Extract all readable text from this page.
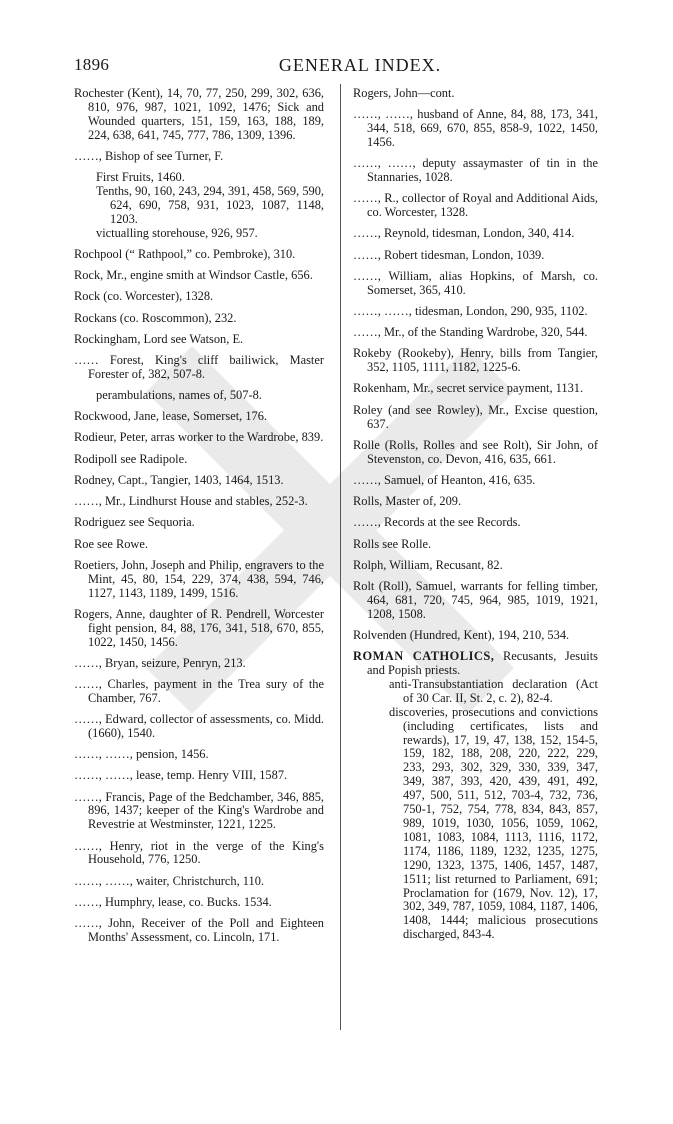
1896	GENERAL INDEX.
Rochester (Kent), 14, 70, 77, 250, 299, 302, 636, 810, 976, 987, 1021, 1092, 1476; Sick and Wounded quarters, 151, 159, 163, 188, 189, 224, 638, 641, 745, 777, 786, 1309, 1396.
……, Bishop of see Turner, F.
First Fruits, 1460.
Tenths, 90, 160, 243, 294, 391, 458, 569, 590, 624, 690, 758, 931, 1023, 1087, 1148, 1203.
victualling storehouse, 926, 957.
Rochpool (“ Rathpool,” co. Pembroke), 310.
Rock, Mr., engine smith at Windsor Castle, 656.
Rock (co. Worcester), 1328.
Rockans (co. Roscommon), 232.
Rockingham, Lord see Watson, E.
…… Forest, King's cliff bailiwick, Master Forester of, 382, 507-8.
perambulations, names of, 507-8.
Rockwood, Jane, lease, Somerset, 176.
Rodieur, Peter, arras worker to the Wardrobe, 839.
Rodipoll see Radipole.
Rodney, Capt., Tangier, 1403, 1464, 1513.
……, Mr., Lindhurst House and stables, 252-3.
Rodriguez see Sequoria.
Roe see Rowe.
Roetiers, John, Joseph and Philip, engravers to the Mint, 45, 80, 154, 229, 374, 438, 594, 746, 1127, 1143, 1189, 1499, 1516.
Rogers, Anne, daughter of R. Pendrell, Worcester fight pension, 84, 88, 176, 341, 518, 670, 855, 1022, 1450, 1456.
……, Bryan, seizure, Penryn, 213.
……, Charles, payment in the Trea sury of the Chamber, 767.
……, Edward, collector of assessments, co. Midd. (1660), 1540.
……, ……, pension, 1456.
……, ……, lease, temp. Henry VIII, 1587.
……, Francis, Page of the Bedchamber, 346, 885, 896, 1437; keeper of the King's Wardrobe and Revestrie at Westminster, 1221, 1225.
……, Henry, riot in the verge of the King's Household, 776, 1250.
……, ……, waiter, Christchurch, 110.
……, Humphry, lease, co. Bucks. 1534.
……, John, Receiver of the Poll and Eighteen Months' Assessment, co. Lincoln, 171.
Rogers, John—cont.
……, ……, husband of Anne, 84, 88, 173, 341, 344, 518, 669, 670, 855, 858-9, 1022, 1450, 1456.
……, ……, deputy assaymaster of tin in the Stannaries, 1028.
……, R., collector of Royal and Additional Aids, co. Worcester, 1328.
……, Reynold, tidesman, London, 340, 414.
……, Robert tidesman, London, 1039.
……, William, alias Hopkins, of Marsh, co. Somerset, 365, 410.
……, ……, tidesman, London, 290, 935, 1102.
……, Mr., of the Standing Wardrobe, 320, 544.
Rokeby (Rookeby), Henry, bills from Tangier, 352, 1105, 1111, 1182, 1225-6.
Rokenham, Mr., secret service payment, 1131.
Roley (and see Rowley), Mr., Excise question, 637.
Rolle (Rolls, Rolles and see Rolt), Sir John, of Stevenston, co. Devon, 416, 635, 661.
……, Samuel, of Heanton, 416, 635.
Rolls, Master of, 209.
……, Records at the see Records.
Rolls see Rolle.
Rolph, William, Recusant, 82.
Rolt (Roll), Samuel, warrants for felling timber, 464, 681, 720, 745, 964, 985, 1019, 1921, 1208, 1508.
Rolvenden (Hundred, Kent), 194, 210, 534.
ROMAN CATHOLICS, Recusants, Jesuits and Popish priests.
anti-Transubstantiation declaration (Act of 30 Car. II, St. 2, c. 2), 82-4.
discoveries, prosecutions and convictions (including certificates, lists and rewards), 17, 19, 47, 138, 152, 154-5, 159, 182, 188, 208, 220, 222, 229, 233, 293, 302, 329, 330, 339, 347, 349, 387, 393, 420, 439, 491, 492, 497, 500, 511, 512, 703-4, 732, 736, 750-1, 752, 754, 778, 834, 843, 857, 989, 1019, 1030, 1056, 1059, 1062, 1081, 1083, 1084, 1113, 1116, 1172, 1174, 1186, 1189, 1232, 1235, 1275, 1290, 1323, 1375, 1406, 1457, 1487, 1511; list returned to Parliament, 691; Proclamation for (1679, Nov. 12), 17, 302, 349, 787, 1059, 1084, 1187, 1406, 1408, 1444; malicious prosecutions discharged, 843-4.
